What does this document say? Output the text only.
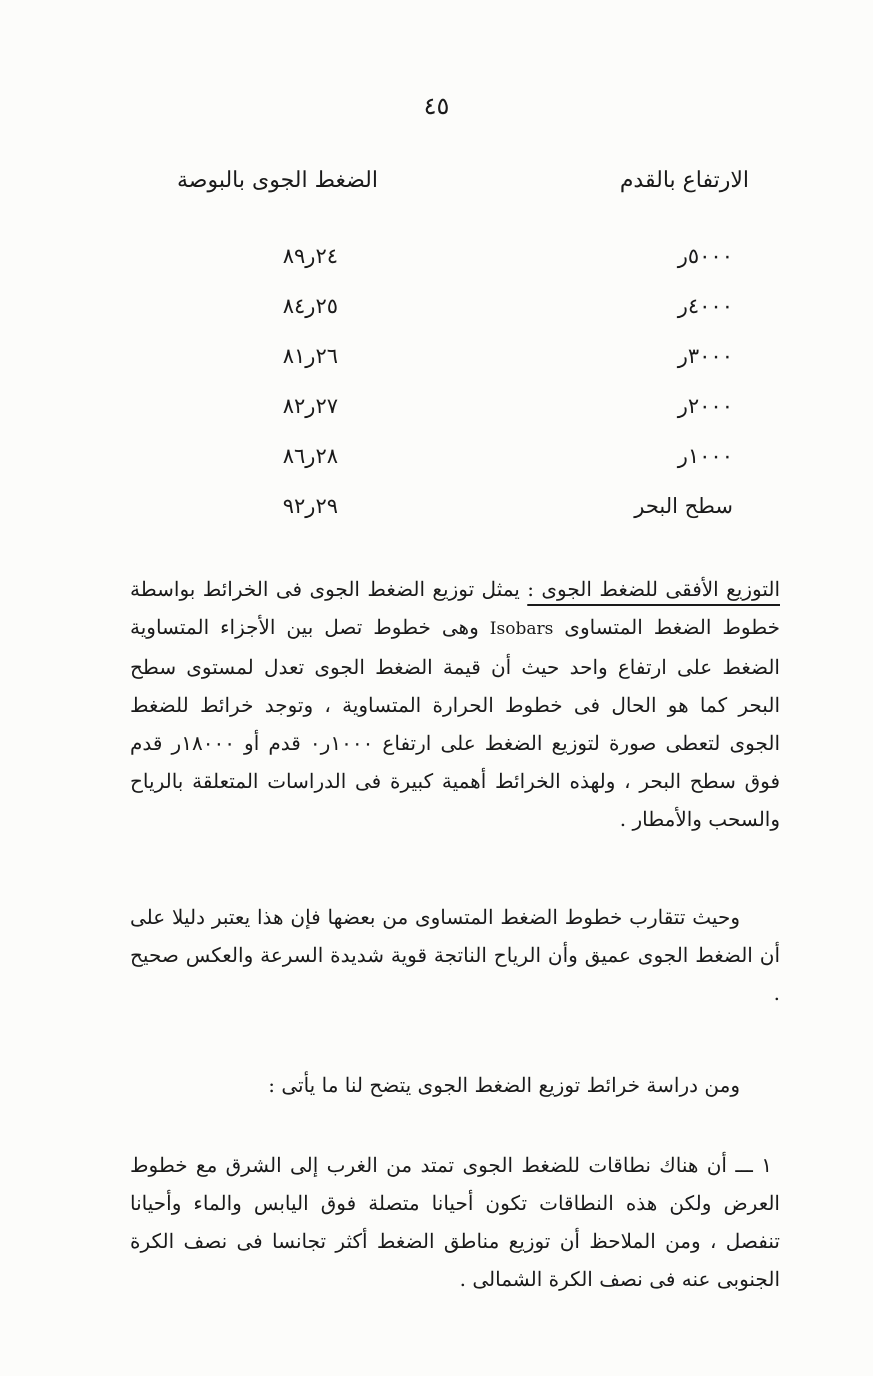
٤٥
الارتفاع بالقدم
الضغط الجوى بالبوصة
٥٠٠٠ر
٢٤ر٨٩
٤٠٠٠ر
٢٥ر٨٤
٣٠٠٠ر
٢٦ر٨١
٢٠٠٠ر
٢٧ر٨٢
١٠٠٠ر
٢٨ر٨٦
سطح البحر
٢٩ر٩٢
التوزيع الأفقى للضغط الجوى : يمثل توزيع الضغط الجوى فى الخرائط بواسطة خطوط الضغط المتساوى Isobars وهى خطوط تصل بين الأجزاء المتساوية الضغط على ارتفاع واحد حيث أن قيمة الضغط الجوى تعدل لمستوى سطح البحر كما هو الحال فى خطوط الحرارة المتساوية ، وتوجد خرائط للضغط الجوى لتعطى صورة لتوزيع الضغط على ارتفاع ١٠٠٠ر٠ قدم أو ١٨٠٠٠ر قدم فوق سطح البحر ، ولهذه الخرائط أهمية كبيرة فى الدراسات المتعلقة بالرياح والسحب والأمطار .
وحيث تتقارب خطوط الضغط المتساوى من بعضها فإن هذا يعتبر دليلا على أن الضغط الجوى عميق وأن الرياح الناتجة قوية شديدة السرعة والعكس صحيح .
ومن دراسة خرائط توزيع الضغط الجوى يتضح لنا ما يأتى :
١ ـــ أن هناك نطاقات للضغط الجوى تمتد من الغرب إلى الشرق مع خطوط العرض ولكن هذه النطاقات تكون أحيانا متصلة فوق اليابس والماء وأحيانا تنفصل ، ومن الملاحظ أن توزيع مناطق الضغط أكثر تجانسا فى نصف الكرة الجنوبى عنه فى نصف الكرة الشمالى .
